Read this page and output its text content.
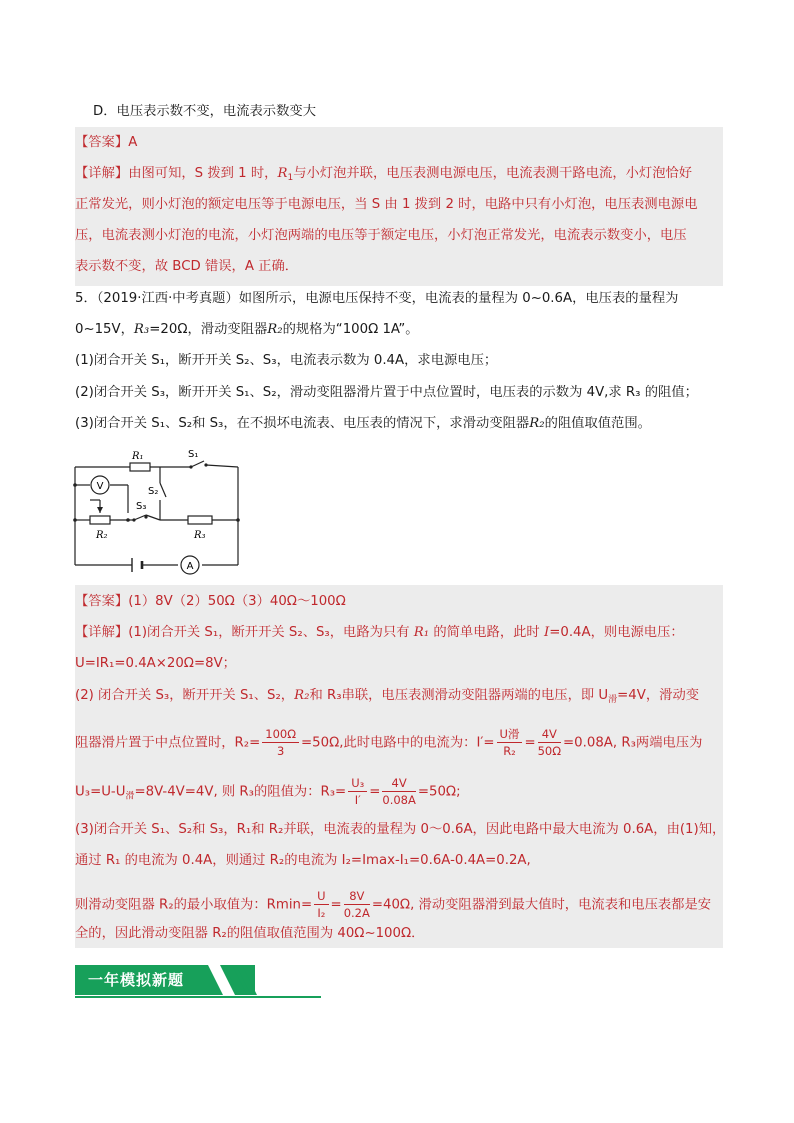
D．电压表示数不变，电流表示数变大
【答案】A
【详解】由图可知，S 拨到 1 时，$R_1$与小灯泡并联，电压表测电源电压，电流表测干路电流，小灯泡恰好
正常发光，则小灯泡的额定电压等于电源电压，当 S 由 1 拨到 2 时，电路中只有小灯泡，电压表测电源电
压，电流表测小灯泡的电流，小灯泡两端的电压等于额定电压，小灯泡正常发光，电流表示数变小，电压
表示数不变，故 BCD 错误，A 正确．
5．（2019·江西·中考真题）如图所示，电源电压保持不变，电流表的量程为 0~0.6A，电压表的量程为
0~15V，R₃=20Ω，滑动变阻器R₂的规格为“100Ω 1A”。
(1)闭合开关 S₁，断开开关 S₂、S₃，电流表示数为 0.4A，求电源电压；
(2)闭合开关 S₃，断开开关 S₁、S₂，滑动变阻器滑片置于中点位置时，电压表的示数为 4V,求 R₃ 的阻值；
(3)闭合开关 S₁、S₂和 S₃，在不损坏电流表、电压表的情况下，求滑动变阻器R₂的阻值取值范围。
V
A
R₁	S₁
S₂
S₃
R₂	R₃
【答案】(1）8V（2）50Ω（3）40Ω～100Ω
【详解】(1)闭合开关 S₁，断开开关 S₂、S₃，电路为只有 R₁ 的简单电路，此时 I=0.4A，则电源电压：
U=IR₁=0.4A×20Ω=8V；
(2) 闭合开关 S₃，断开开关 S₁、S₂，R₂和 R₃串联，电压表测滑动变阻器两端的电压，即 $U_滑=4V$，滑动变
阻器滑片置于中点位置时，$R_2= \frac{100\Omega}{3} =50\Omega$,此时电路中的电流为：$I'= \frac{\text{U滑}}{\text{R₂}} = \frac{4V}{50\Omega} =0.08A$, R₃两端电压为
$U_3=U-U_滑=8V-4V=4V$, 则 R₃的阻值为：$R_3= \frac{\text{U₃}}{I'} = \frac{4V}{0.08A} =50\Omega$;
(3)闭合开关 S₁、S₂和 S₃，R₁和 R₂并联，电流表的量程为 0～0.6A，因此电路中最大电流为 0.6A，由(1)知，
通过 R₁ 的电流为 0.4A，则通过 R₂的电流为 I₂=Imax-I₁=0.6A-0.4A=0.2A,
则滑动变阻器 R₂的最小取值为：$Rmin= \frac{U}{\text{I₂}} = \frac{8V}{0.2A} =40\Omega$, 滑动变阻器滑到最大值时，电流表和电压表都是安
全的，因此滑动变阻器 R₂的阻值取值范围为 40Ω~100Ω．
一年模拟新题
